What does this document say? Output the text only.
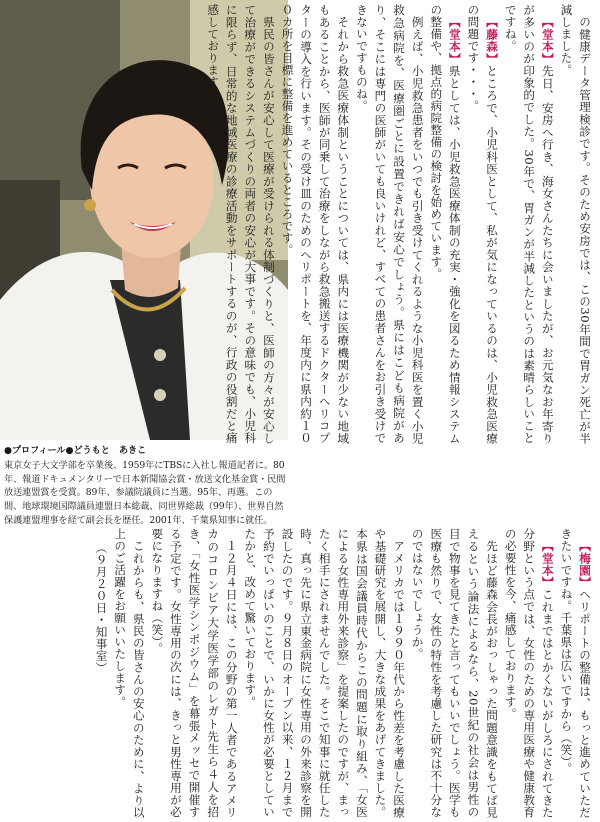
●プロフィール●どうもと　あきこ
東京女子大文学部を卒業後、1959年にTBSに入社し報道記者に。80年、報道ドキュメンタリーで日本新聞協会賞・放送文化基金賞・民間放送連盟賞を受賞。89年、参議院議員に当選。95年、再選。この間、地球環境国際議員連盟日本総裁、同世界総裁（99年）、世界自然保護連盟理事を経て副会長を歴任。2001年、千葉県知事に就任。
の健康データ管理検診です。そのため安房では、この30年間で胃ガン死亡が半減しました。
【堂本】先日、安房へ行き、海女さんたちに会いましたが、お元気なお年寄りが多いのが印象的でした。30年で、胃ガンが半減したというのは素晴らしいことですね。
【藤森】ところで、小児科医として、私が気になっているのは、小児救急医療の問題です・・・。
【堂本】県としては、小児救急医療体制の充実・強化を図るため情報システムの整備や、拠点的病院整備の検討を始めています。
例えば、小児救急患者をいつでも引き受けてくれるような小児科医を置く小児救急病院を、医療圏ごとに設置できれば安心でしょう。県にはこども病院があり、そこには専門の医師がいても良いけれど、すべての患者さんをお引き受けできないですものね。
それから救急医療体制ということについては、県内には医療機関が少ない地域もあることから、医師が同乗して治療をしながら救急搬送するドクターヘリコプターの導入を行います。その受け皿のためのヘリポートを、年度内に県内約１００カ所を目標に整備を進めているところです。
県民の皆さんが安心して医療が受けられる体制づくりと、医師の方々が安心して治療ができるシステムづくりの両者の安心が大事です。その意味でも、小児科に限らず、日常的な地域医療の診療活動をサポートするのが、行政の役割だと痛感しております。
【梅園】ヘリポートの整備は、もっと進めていただきたいですね。千葉県は広いですから（笑）。
【堂本】これまではとかくないがしろにされてきた分野という点では、女性のための専用医療や健康教育の必要性を今、痛感しております。
先ほど藤森会長がおっしゃった問題意識をもてば見えるという論法によるなら、20世紀の社会は男性の目で物事を見てきたと言ってもいいでしょう。医学も医療も然りで、女性の特性を考慮した研究は不十分なのではないでしょうか。
アメリカでは１９９０年代から性差を考慮した医療や基礎研究を展開し、大きな成果をあげてきました。本県は国会議員時代からこの問題に取り組み、「女医による女性専用外来診察」を提案したのですが、まったく相手にされませんでした。そこで知事に就任した時、真っ先に県立東金病院に女性専用の外来診察を開設したのです。９月８日のオープン以来、１２月まで予約でいっぱいのことで、いかに女性が必要としていたかと、改めて驚いております。
１２月４日には、この分野の第一人者であるアメリカのコロンビア大学医学部のレガト先生ら４人を招き、「女性医学シンポジウム」を幕張メッセで開催する予定です。女性専用の次には、きっと男性専用が必要になりますね（笑）。
これからも、県民の皆さんの安心のために、より以上のご活躍をお願いいたします。
（９月２０日・知事室）
